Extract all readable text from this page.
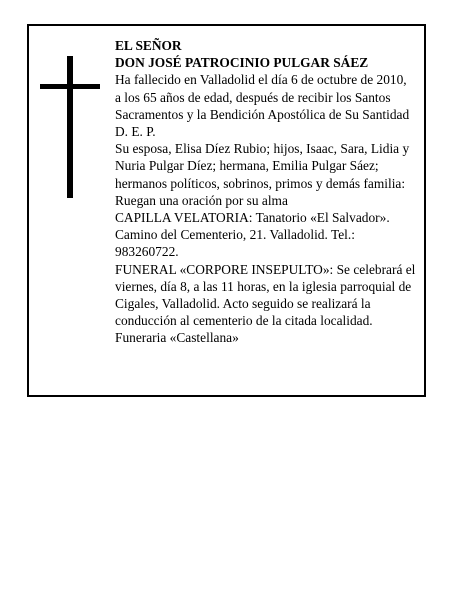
EL SEÑOR
DON JOSÉ PATROCINIO PULGAR SÁEZ
Ha fallecido en Valladolid el día 6 de octubre de 2010,
a los 65 años de edad, después de recibir los Santos
Sacramentos y la Bendición Apostólica de Su Santidad
D. E. P.
Su esposa, Elisa Díez Rubio; hijos, Isaac, Sara, Lidia y
Nuria Pulgar Díez; hermana, Emilia Pulgar Sáez;
hermanos políticos, sobrinos, primos y demás familia:
Ruegan una oración por su alma
CAPILLA VELATORIA: Tanatorio «El Salvador».
Camino del Cementerio, 21. Valladolid. Tel.:
983260722.
FUNERAL «CORPORE INSEPULTO»: Se celebrará el
viernes, día 8, a las 11 horas, en la iglesia parroquial de
Cigales, Valladolid. Acto seguido se realizará la
conducción al cementerio de la citada localidad.
Funeraria «Castellana»
